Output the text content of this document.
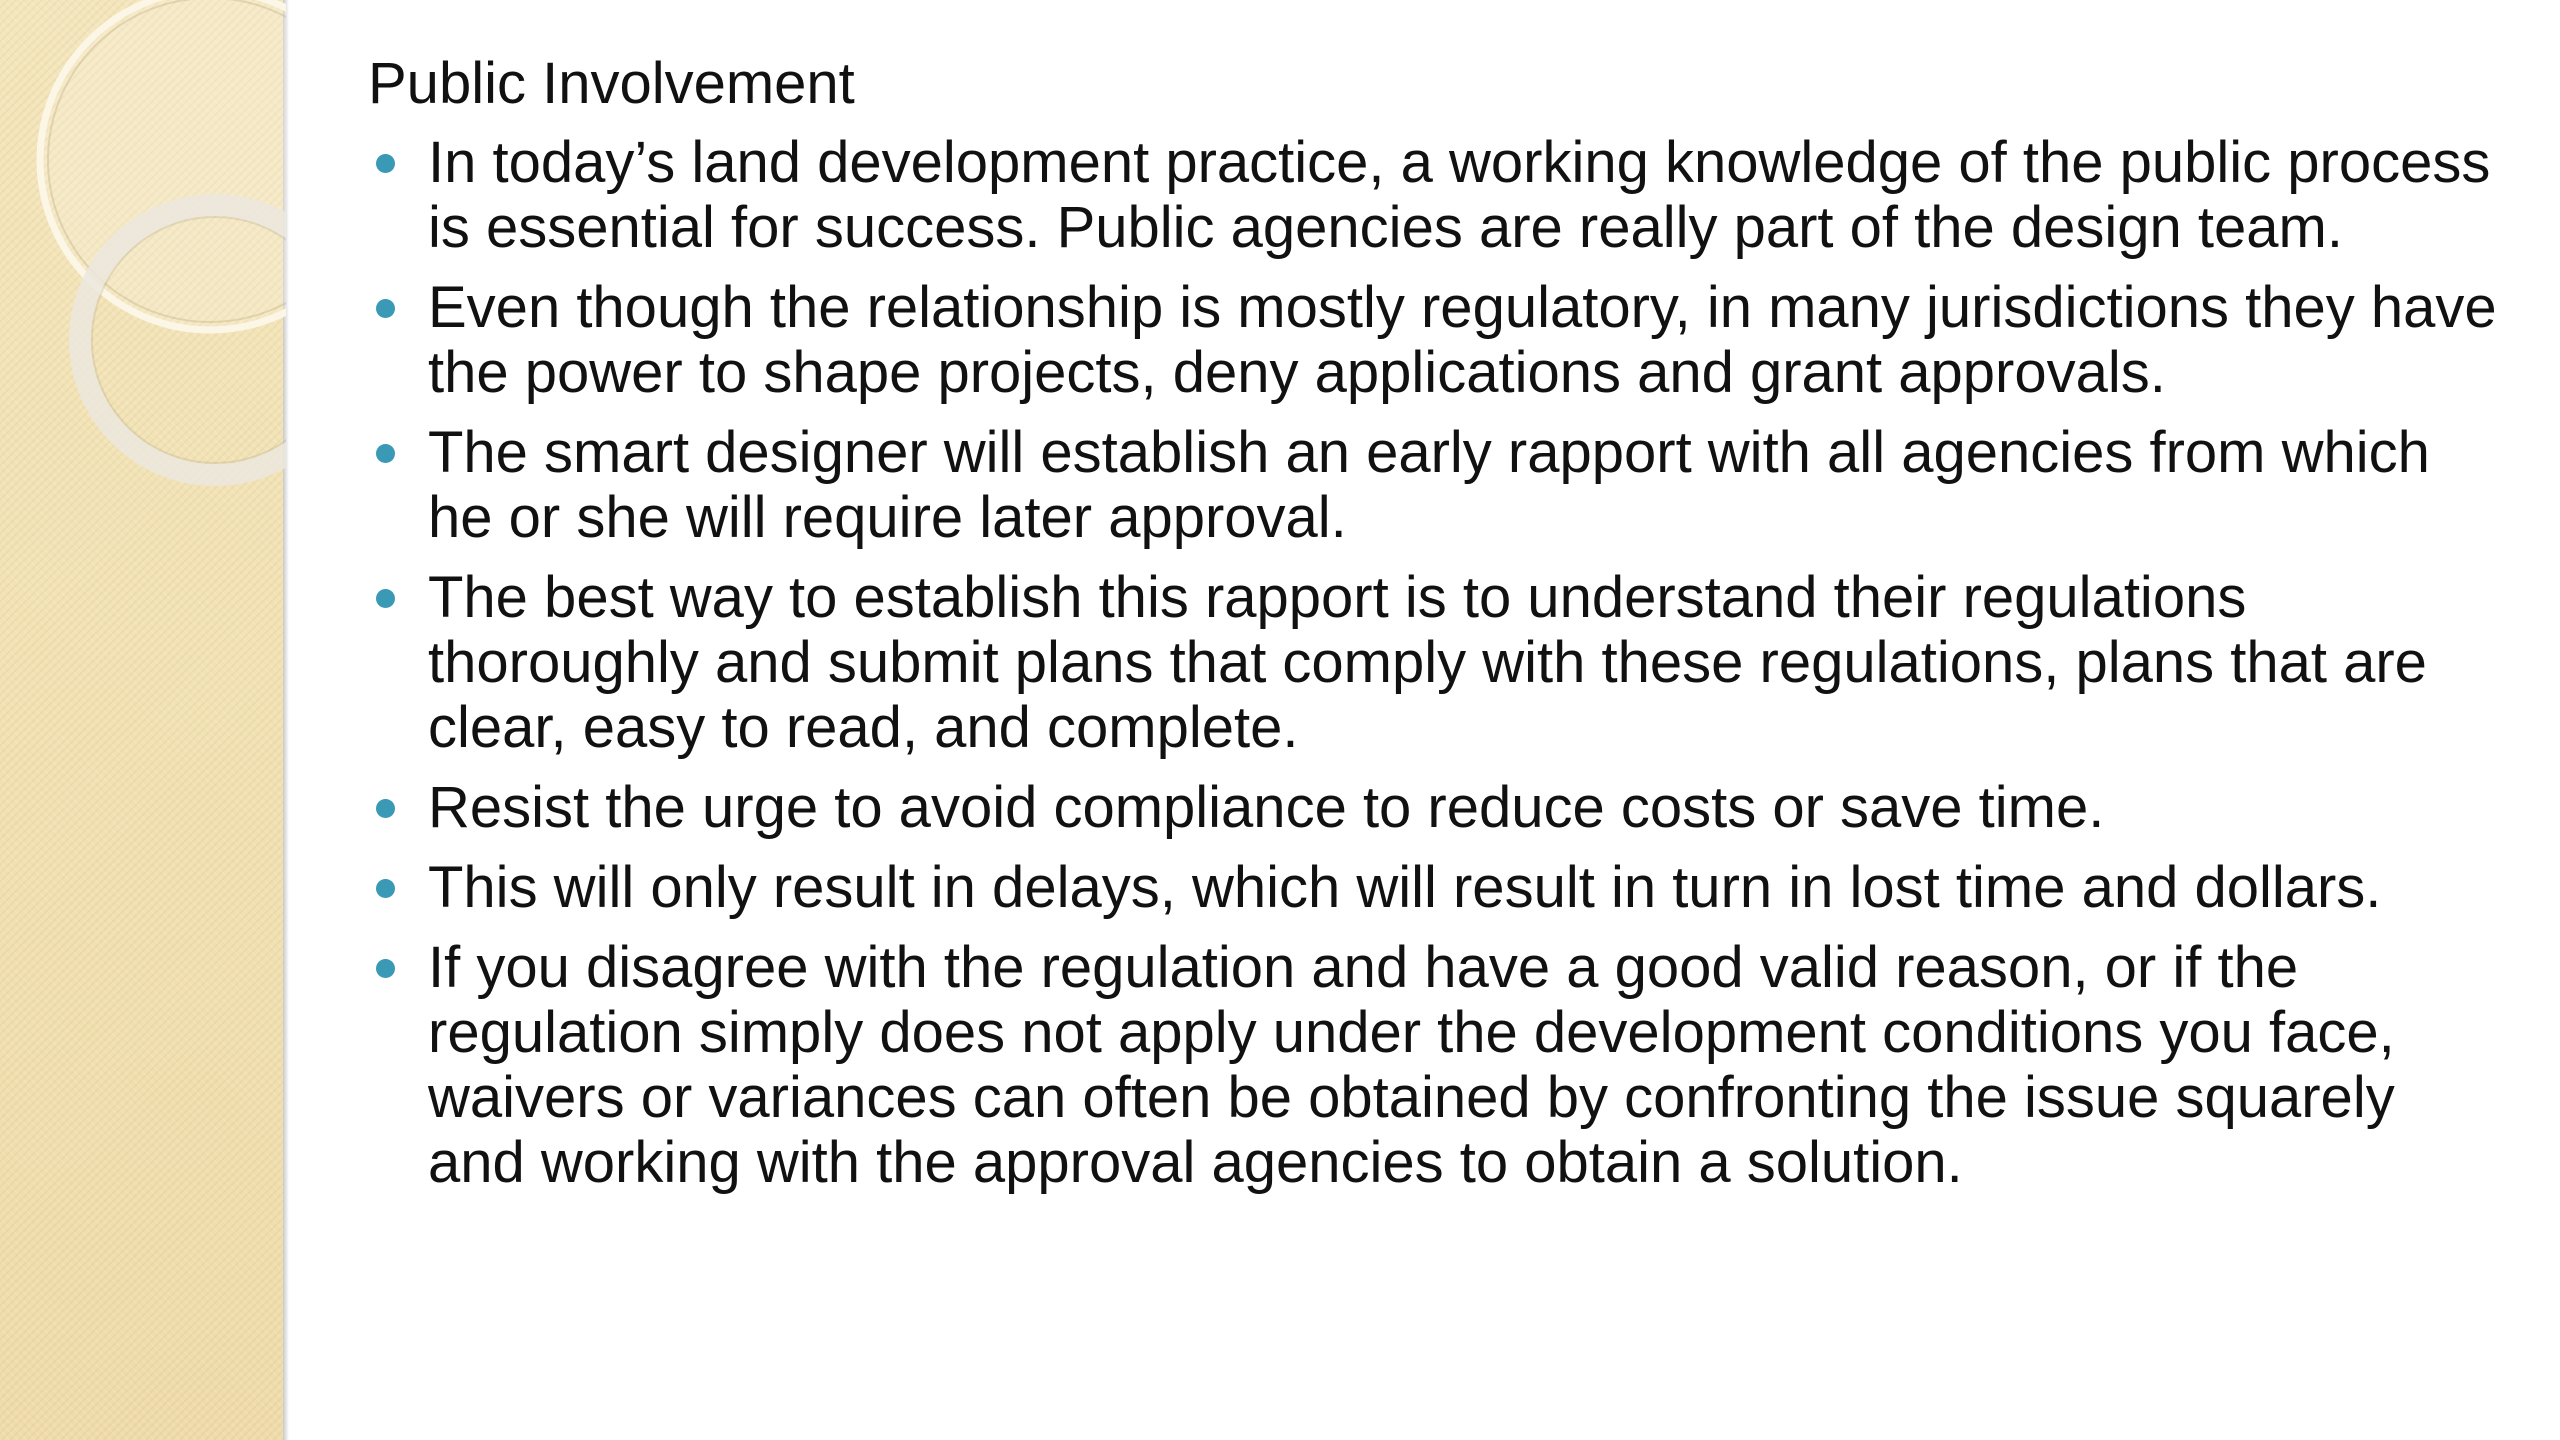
Public Involvement
In today’s land development practice, a working knowledge of the public process is essential for success. Public agencies are really part of the design team.
Even though the relationship is mostly regulatory, in many jurisdictions they have the power to shape projects, deny applications and grant approvals.
The smart designer will establish an early rapport with all agencies from which he or she will require later approval.
The best way to establish this rapport is to understand their regulations thoroughly and submit plans that comply with these regulations, plans that are clear, easy to read, and complete.
Resist the urge to avoid compliance to reduce costs or save time.
This will only result in delays, which will result in turn in lost time and dollars.
If you disagree with the regulation and have a good valid reason, or if the regulation simply does not apply under the development conditions you face, waivers or variances can often be obtained by confronting the issue squarely and working with the approval agencies to obtain a solution.
